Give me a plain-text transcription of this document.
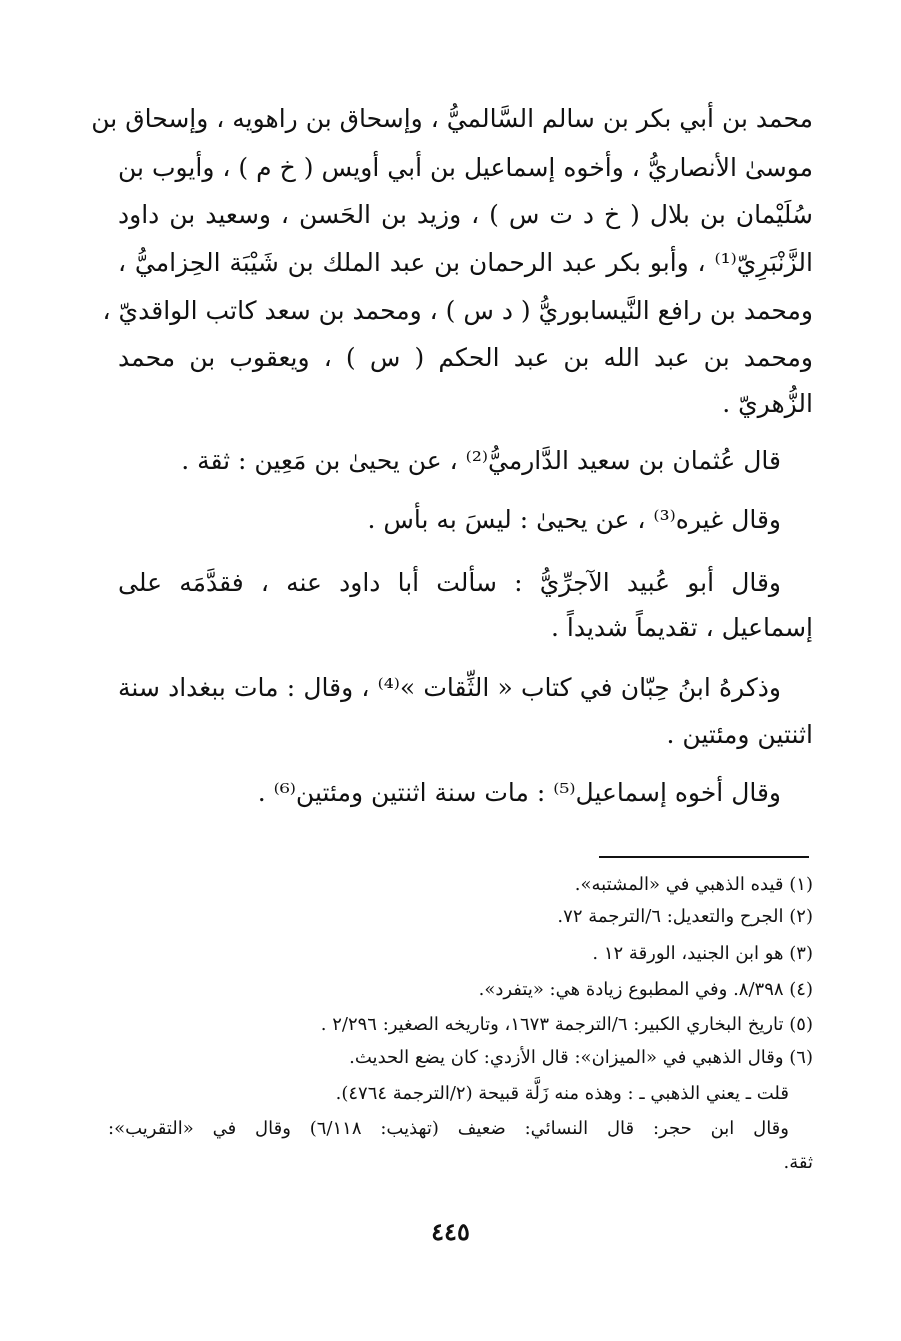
محمد بن أبي بكر بن سالم السَّالميُّ ، وإسحاق بن راهويه ، وإسحاق بن
موسىٰ الأنصاريُّ ، وأخوه إسماعيل بن أبي أويس ( خ م ) ، وأيوب بن
سُلَيْمان بن بلال ( خ د ت س ) ، وزيد بن الحَسن ، وسعيد بن داود
الزَّنْبَرِيّ⁽¹⁾ ، وأبو بكر عبد الرحمان بن عبد الملك بن شَيْبَة الحِزاميُّ ،
ومحمد بن رافع النَّيسابوريُّ ( د س ) ، ومحمد بن سعد كاتب الواقديّ ،
ومحمد بن عبد الله بن عبد الحكم ( س ) ، ويعقوب بن محمد
الزُّهريّ .
قال عُثمان بن سعيد الدَّارميُّ⁽²⁾ ، عن يحيىٰ بن مَعِين : ثقة .
وقال غيره⁽³⁾ ، عن يحيىٰ : ليسَ به بأس .
وقال أبو عُبيد الآجرِّيُّ : سألت أبا داود عنه ، فقدَّمَه على
إسماعيل ، تقديماً شديداً .
وذكرهُ ابنُ حِبّان في كتاب « الثِّقات »⁽⁴⁾ ، وقال : مات ببغداد سنة
اثنتين ومئتين .
وقال أخوه إسماعيل⁽⁵⁾ : مات سنة اثنتين ومئتين⁽⁶⁾ .
(١) قيده الذهبي في «المشتبه».
(٢) الجرح والتعديل: ٦/الترجمة ٧٢.
(٣) هو ابن الجنيد، الورقة ١٢ .
(٤) ٨/٣٩٨. وفي المطبوع زيادة هي: «يتفرد».
(٥) تاريخ البخاري الكبير: ٦/الترجمة ١٦٧٣، وتاريخه الصغير: ٢/٢٩٦ .
(٦) وقال الذهبي في «الميزان»: قال الأزدي: كان يضع الحديث.
قلت ـ يعني الذهبي ـ : وهذه منه زَلَّة قبيحة (٢/الترجمة ٤٧٦٤).
وقال ابن حجر: قال النسائي: ضعيف (تهذيب: ٦/١١٨) وقال في «التقريب»:
ثقة.
٤٤٥
